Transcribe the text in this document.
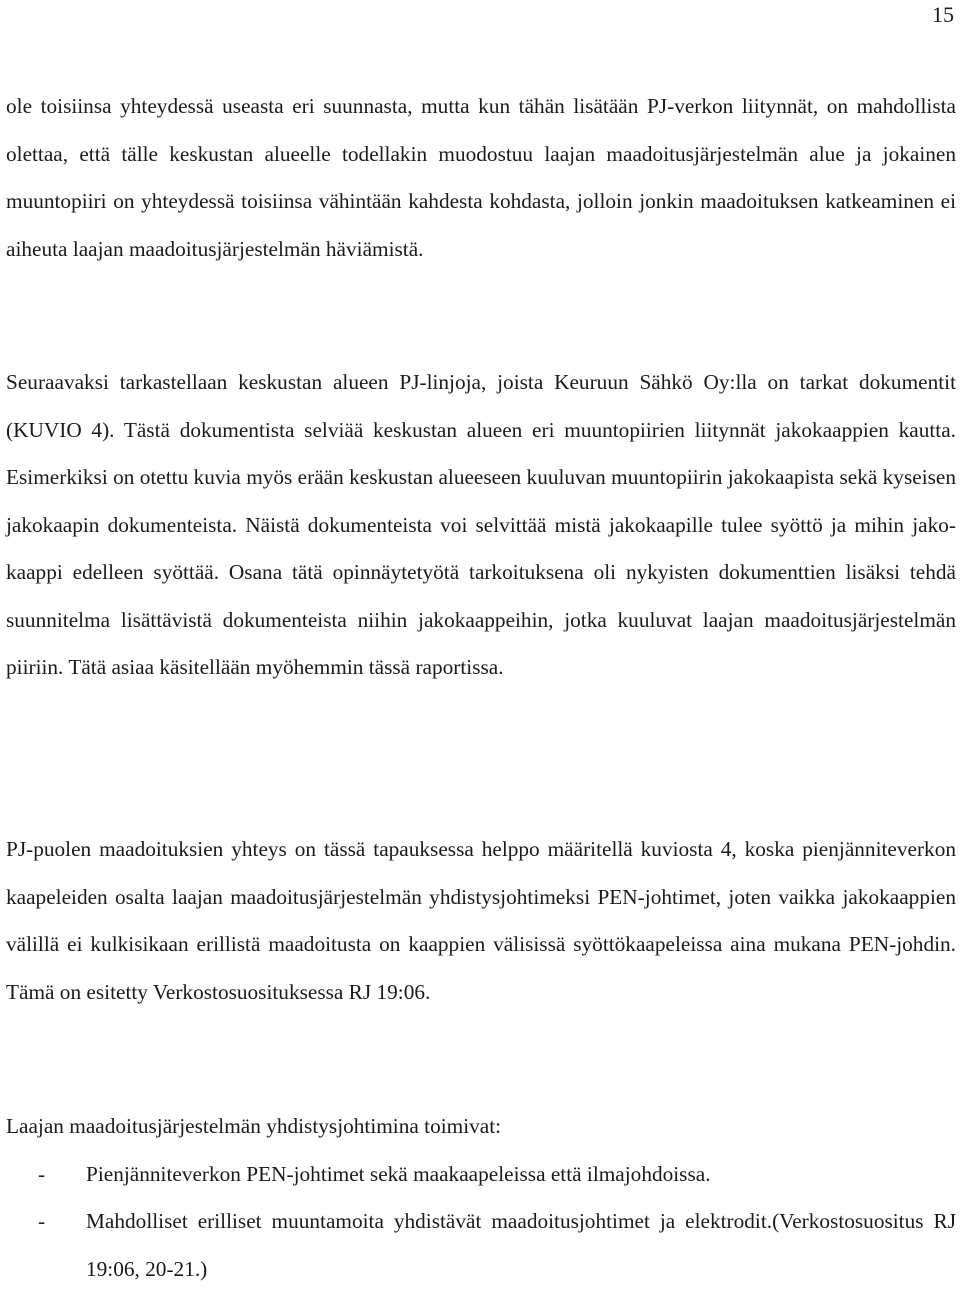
15

ole toisiinsa yhteydessä useasta eri suunnasta, mutta kun tähän lisätään PJ-verkon liitynnät, on mahdollista olettaa, että tälle keskustan alueelle todellakin muodostuu laajan maadoitusjärjestelmän alue ja jokainen muuntopiiri on yhteydessä toisiinsa vähintään kahdesta kohdasta, jolloin jonkin maadoituksen katkeaminen ei aiheuta laajan maadoitusjärjestelmän häviämistä.

Seuraavaksi tarkastellaan keskustan alueen PJ-linjoja, joista Keuruun Sähkö Oy:lla on tarkat dokumentit (KUVIO 4). Tästä dokumentista selviää keskustan alueen eri muuntopiirien liitynnät jakokaappien kautta. Esimerkiksi on otettu kuvia myös erään keskustan alueeseen kuuluvan muuntopiirin jakokaapista sekä kyseisen jakokaapin dokumenteista. Näistä dokumenteista voi selvittää mistä jakokaapille tulee syöttö ja mihin jakokaappi edelleen syöttää. Osana tätä opinnäytetyötä tarkoituksena oli nykyisten dokumenttien lisäksi tehdä suunnitelma lisättävistä dokumenteista niihin jakokaappeihin, jotka kuuluvat laajan maadoitusjärjestelmän piiriin. Tätä asiaa käsitellään myöhemmin tässä raportissa.

PJ-puolen maadoituksien yhteys on tässä tapauksessa helppo määritellä kuviosta 4, koska pienjänniteverkon kaapeleiden osalta laajan maadoitusjärjestelmän yhdistysjohtimeksi PEN-johtimet, joten vaikka jakokaappien välillä ei kulkisikaan erillistä maadoitusta on kaappien välisissä syöttökaapeleissa aina mukana PEN-johdin. Tämä on esitetty Verkostosuosituksessa RJ 19:06.

Laajan maadoitusjärjestelmän yhdistysjohtimina toimivat:

- Pienjänniteverkon PEN-johtimet sekä maakaapeleissa että ilmajohdoissa.
- Mahdolliset erilliset muuntamoita yhdistävät maadoitusjohtimet ja elektrodit.(Verkostosuositus RJ 19:06, 20-21.)
